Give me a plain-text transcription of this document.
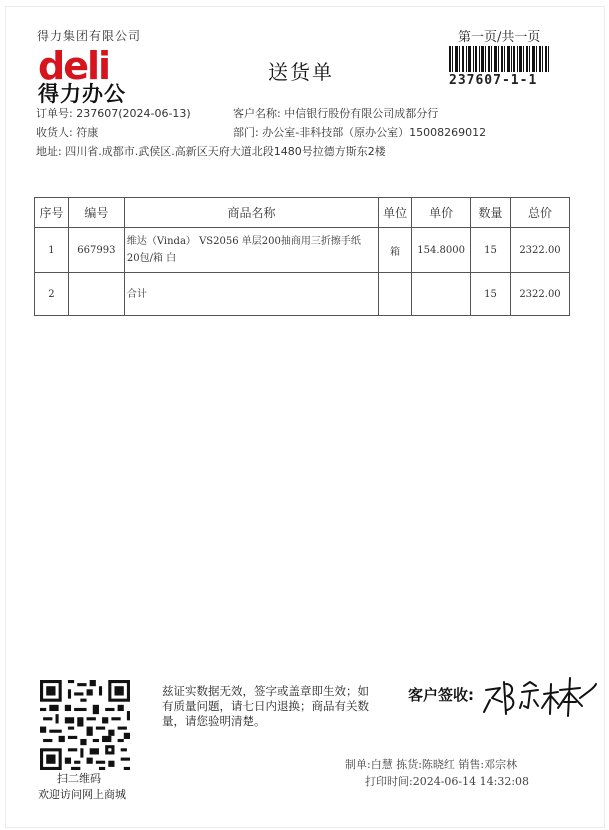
得力集团有限公司
deli
得力办公
送货单
第一页/共一页
237607-1-1
订单号: 237607(2024-06-13)	客户名称: 中信银行股份有限公司成都分行
收货人: 符康	部门: 办公室-非科技部（原办公室）15008269012
地址: 四川省.成都市.武侯区.高新区天府大道北段1480号拉德方斯东2楼
序号	编号	商品名称	单位	单价	数量	总价
1	667993	维达（Vinda） VS2056 单层200抽商用三折擦手纸 20包/箱 白	箱	154.8000	15	2322.00
2		合计			15	2322.00
扫二维码
欢迎访问网上商城
兹证实数据无效，签字或盖章即生效；如有质量问题，请七日内退换；商品有关数量，请您验明清楚。
客户签收:
制单:白慧 拣货:陈晓红 销售:邓宗林
打印时间:2024-06-14 14:32:08
